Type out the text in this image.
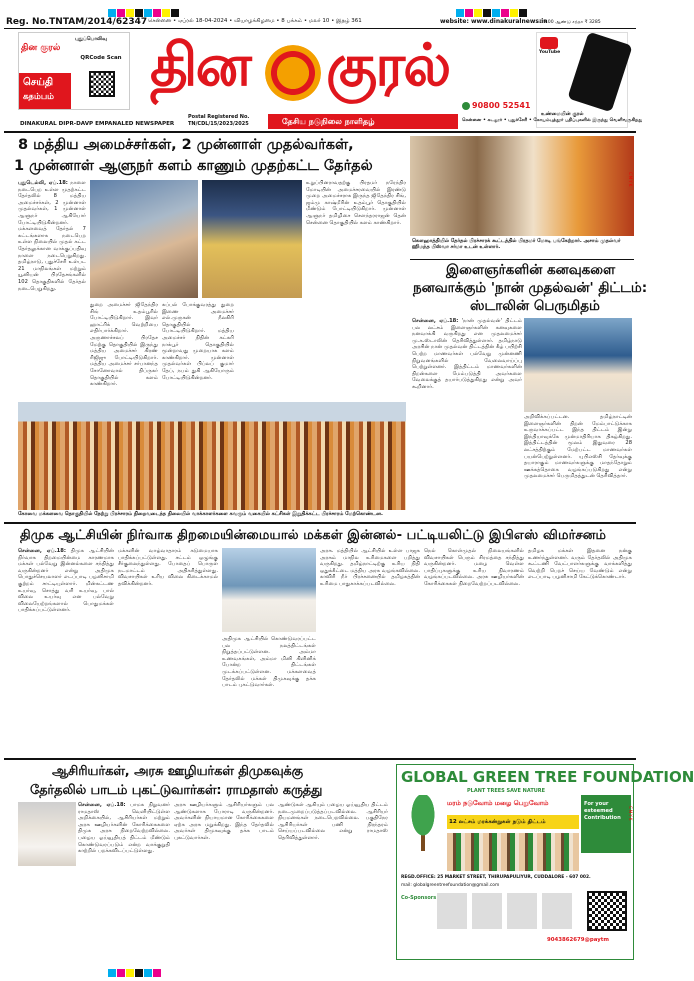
Reg. No.TNTAM/2014/62347 சென்னை • ஏப்ரல் 18-04-2024 • வியாழக்கிழமை • 8 பக்கம் • மலர் 10 • இதழ் 361	website: www.dinakuralnews.in
₹ 9.00 ஆண்டு சந்தா ₹ 3285
தின குரல்
புதுப்பொலிவு
QRCode Scan
செய்தி
கதம்பம் தின குரல்
90800 52541
தேசிய நடுநிலை நாளிதழ்
YouTube
உண்மையின் குரல்
DINAKURAL DIPR-DAVP EMPANALED NEWSPAPER
Postal Registered No.
TN/CDL/15/2023/2025
சென்னை • கடலூர் • புதுச்சேரி • கோயம்புத்தூர் பதிப்புகளில் இருந்து வெளிவருகிறது
8 மத்திய அமைச்சர்கள், 2 முன்னாள் முதல்வர்கள்,
1 முன்னாள் ஆளுநர் களம் காணும் முதற்கட்ட தேர்தல்
புதுடெல்லி, ஏப்.18: நாளை நடைபெற உள்ள முதற்கட்ட தேர்தலில் 8 மத்திய அமைச்சர்கள், 2 முன்னாள் முதல்வர்கள், 1 முன்னாள் ஆளுநர் ஆகியோர் போட்டியிடுகின்றனர். மக்களவைத் தேர்தல் 7 கட்டங்களாக நடைபெற உள்ள நிலையில் முதல் கட்ட தேர்தலுக்கான வாக்குப்பதிவு நாளை நடைபெறுகிறது. தமிழ்நாடு, புதுச்சேரி உள்பட 21 மாநிலங்கள் மற்றும் யூனியன் பிரதேசங்களில் 102 தொகுதிகளில் தேர்தல் நடைபெறுகிறது.
துறை அமைச்சர் ஜிதேந்திர சிங் உதம்பூரில் போட்டியிடுகிறார். இவர் ஹாட்ரிக் வெற்றியை எதிர்பார்க்கிறார். அருணாச்சலப் பிரதேச மேற்கு தொகுதியில் இருந்து மத்திய அமைச்சர் கிரண் ரிஜிஜு போட்டியிடுகிறார். மத்திய அமைச்சர் சர்பானந்த சோனோவால் திப்ருகர் தொகுதியில் களம் காண்கிறார்.
கப்பல் போக்குவரத்து துறை இணை அமைச்சர் எல்.முருகன் நீலகிரி தொகுதியில் போட்டியிடுகிறார். மத்திய அமைச்சர் நிதின் கட்கரி நாக்பூர் தொகுதியில் மூன்றாவது முறையாக களம் காண்கிறார். முன்னாள் முதல்வர்கள் பிப்லப் குமார் தேப், நபம் துகி ஆகியோரும் போட்டியிடுகின்றனர்.
உறுப்பினராவதற்கு பிரதமர் நரேந்திர மோடியின் அமைச்சரவையில் இரண்டு முறை அமைச்சராக இருந்த ஜிதேந்திர சிங், ஜம்மு காஷ்மீரின் உதம்பூர் தொகுதியில் மீண்டும் போட்டியிடுகிறார். முன்னாள் ஆளுநர் தமிழிசை சௌந்தரராஜன் தென் சென்னை தொகுதியில் களம் காண்கிறார்.
கோவை மக்களவை தொகுதியில் நேற்று பிரச்சாரம் நிறைவடைந்த நிலையில் வாக்காளர்களை கவரும் வகையில் கட்சிகள் இறுதிக்கட்ட பிரச்சாரம் மேற்கொண்டன.
கௌஹாத்தியில் தேர்தல் பிரச்சாரக் கூட்டத்தில் பிரதமர் மோடி பங்கேற்றார். அசாம் முதல்வர் ஹிமந்த பிஸ்வா சர்மா உடன் உள்ளார்.
இளைஞர்களின் கனவுகளை
நனவாக்கும் 'நான் முதல்வன்' திட்டம்:
ஸ்டாலின் பெருமிதம்
சென்னை, ஏப்.18: 'நான் முதல்வன்' திட்டம் பல லட்சம் இளைஞர்களின் கனவுகளை நனவாக்கி வருகிறது என முதலமைச்சர் மு.க.ஸ்டாலின் தெரிவித்துள்ளார். தமிழ்நாடு அரசின் நான் முதல்வன் திட்டத்தின் கீழ் பயிற்சி பெற்ற மாணவர்கள் பல்வேறு முன்னணி நிறுவனங்களில் வேலைவாய்ப்பு பெற்றுள்ளனர். இத்திட்டம் மாணவர்களின் திறன்களை மேம்படுத்தி அவர்களை வேலைக்குத் தயார்படுத்துகிறது என்று அவர் கூறினார்.
அறிவிக்கப்பட்டன. தமிழ்நாட்டின் இளைஞர்களின் திறன் மேம்பாட்டுக்காக உருவாக்கப்பட்ட இந்த திட்டம் இன்று இந்தியாவுக்கே முன்மாதிரியாக திகழ்கிறது. இத்திட்டத்தின் மூலம் இதுவரை 28 லட்சத்திற்கும் மேற்பட்ட மாணவர்கள் பயன்பெற்றுள்ளனர். யுபிஎஸ்சி தேர்வுக்கு தயாராகும் மாணவர்களுக்கு மாதந்தோறும் ஊக்கத்தொகை வழங்கப்படுகிறது என்று முதலமைச்சர் பெருமிதத்துடன் தெரிவித்தார்.
திமுக ஆட்சியின் நிர்வாக திறமையின்மையால் மக்கள் இன்னல்- பட்டியலிட்டு இபிஎஸ் விமர்சனம்
சென்னை, ஏப்.18: திமுக ஆட்சியின் நிர்வாக திறமையின்மை காரணமாக மக்கள் பல்வேறு இன்னல்களை சந்தித்து வருகின்றனர் என்று அதிமுக பொதுச்செயலாளர் எடப்பாடி பழனிசாமி குற்றம் சாட்டியுள்ளார். மின்கட்டண உயர்வு, சொத்து வரி உயர்வு, பால் விலை உயர்வு என பல்வேறு விலையேற்றங்களால் பொதுமக்கள் பாதிக்கப்பட்டுள்ளனர்.
மக்களின் வாழ்வாதாரம் கடுமையாக பாதிக்கப்பட்டுள்ளது. சட்டம் ஒழுங்கு சீர்குலைந்துள்ளது. போதைப் பொருள் நடமாட்டம் அதிகரித்துள்ளது. விவசாயிகள் உரிய விலை கிடைக்காமல் தவிக்கின்றனர்.
அதிமுக ஆட்சியில் கொண்டுவரப்பட்ட பல நலத்திட்டங்கள் நிறுத்தப்பட்டுள்ளன. அம்மா உணவகங்கள், அம்மா மினி கிளினிக் போன்ற திட்டங்கள் முடக்கப்பட்டுள்ளன. மக்களவைத் தேர்தலில் மக்கள் திமுகவுக்கு தக்க பாடம் புகட்டுவார்கள்.
அரசு. மத்தியில் ஆட்சியில் உள்ள பாஜக அரசும் மாநில உரிமைகளை பறித்து வருகிறது. தமிழ்நாட்டிற்கு உரிய நிதி ஒதுக்கீட்டை மத்திய அரசு வழங்கவில்லை. காவிரி நீர் பிரச்சனையில் தமிழகத்தின் உரிமை பாதுகாக்கப்படவில்லை.
நெல் கொள்முதல் நிலையங்களில் விவசாயிகள் பெரும் சிரமத்தை சந்தித்து வருகின்றனர். மழை வெள்ள பாதிப்புகளுக்கு உரிய நிவாரணம் வழங்கப்படவில்லை. அரசு ஊழியர்களின் கோரிக்கைகள் நிறைவேற்றப்படவில்லை.
தமிழக மக்கள் இதனை நன்கு உணர்ந்துள்ளனர். வரும் தேர்தலில் அதிமுக கூட்டணி வேட்பாளர்களுக்கு வாக்களித்து வெற்றி பெறச் செய்ய வேண்டும் என்று எடப்பாடி பழனிசாமி கேட்டுக்கொண்டார்.
ஆசிரியர்கள், அரசு ஊழியர்கள் திமுகவுக்கு
தேர்தலில் பாடம் புகட்டுவார்கள்: ராமதாஸ் கருத்து
சென்னை, ஏப்.18: பாமக நிறுவனர் ராமதாஸ் வெளியிட்டுள்ள அறிக்கையில், ஆசிரியர்கள் மற்றும் அரசு ஊழியர்களின் கோரிக்கைகளை திமுக அரசு நிறைவேற்றவில்லை. பழைய ஓய்வூதியத் திட்டம் மீண்டும் கொண்டுவரப்படும் என்ற வாக்குறுதி காற்றில் பறக்கவிடப்பட்டுள்ளது.
அரசு ஊழியர்களும் ஆசிரியர்களும் பல ஆண்டுகளாக போராடி வருகின்றனர். அவர்களின் நியாயமான கோரிக்கைகளை ஏற்க அரசு மறுக்கிறது. இந்த தேர்தலில் அவர்கள் திமுகவுக்கு தக்க பாடம் புகட்டுவார்கள்.
ஆண்டுகள் ஆகியும் பழைய ஓய்வூதிய திட்டம் நடைமுறைப்படுத்தப்படவில்லை. ஆசிரியர் நியமனங்கள் நடைபெறவில்லை. பகுதிநேர ஆசிரியர்கள் பணி நிரந்தரம் செய்யப்படவில்லை என்று ராமதாஸ் தெரிவித்துள்ளார்.
GLOBAL GREEN TREE FOUNDATION
PLANT TREES SAVE NATURE
மரம் நடுவோம் மழை பெறுவோம்
12 லட்சம் மரக்கன்றுகள் நடும் திட்டம்
For your esteemed Contribution
REGD.OFFICE: 25 MARKET STREET, THIRUPAPULIYUR, CUDDALORE - 607 002.
mail: globalgreentreefoundation@gmail.com
Co-Sponsors
9043862679@paytm
CMYK
CMYK
